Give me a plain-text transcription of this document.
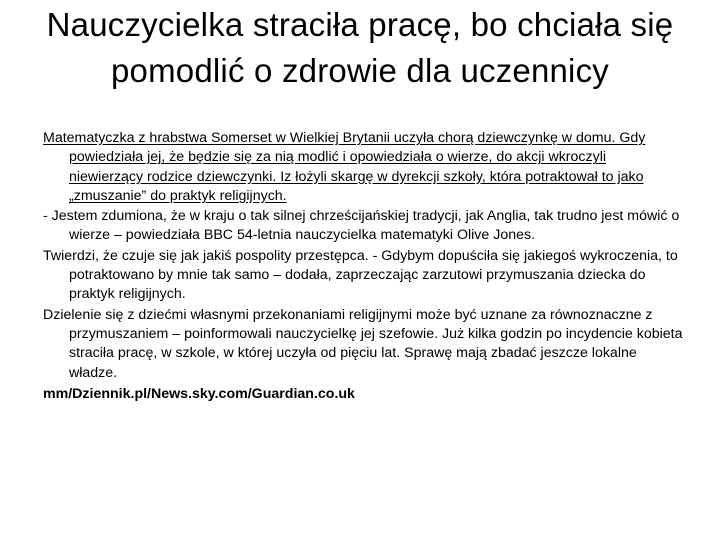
Nauczycielka straciła pracę, bo chciała się pomodlić o zdrowie dla uczennicy

Matematyczka z hrabstwa Somerset w Wielkiej Brytanii uczyła chorą dziewczynkę w domu. Gdy powiedziała jej, że będzie się za nią modlić i opowiedziała o wierze, do akcji wkroczyli niewierzący rodzice dziewczynki. Iz łożyli skargę w dyrekcji szkoły, która potraktował to jako „zmuszanie” do praktyk religijnych.

- Jestem zdumiona, że w kraju o tak silnej chrześcijańskiej tradycji, jak Anglia, tak trudno jest mówić o wierze – powiedziała BBC 54-letnia nauczycielka matematyki Olive Jones.

Twierdzi, że czuje się jak jakiś pospolity przestępca. - Gdybym dopuściła się jakiegoś wykroczenia, to potraktowano by mnie tak samo – dodała, zaprzeczając zarzutowi przymuszania dziecka do praktyk religijnych.

Dzielenie się z dziećmi własnymi przekonaniami religijnymi może być uznane za równoznaczne z przymuszaniem – poinformowali nauczycielkę jej szefowie. Już kilka godzin po incydencie kobieta straciła pracę, w szkole, w której uczyła od pięciu lat. Sprawę mają zbadać jeszcze lokalne władze.

mm/Dziennik.pl/News.sky.com/Guardian.co.uk
